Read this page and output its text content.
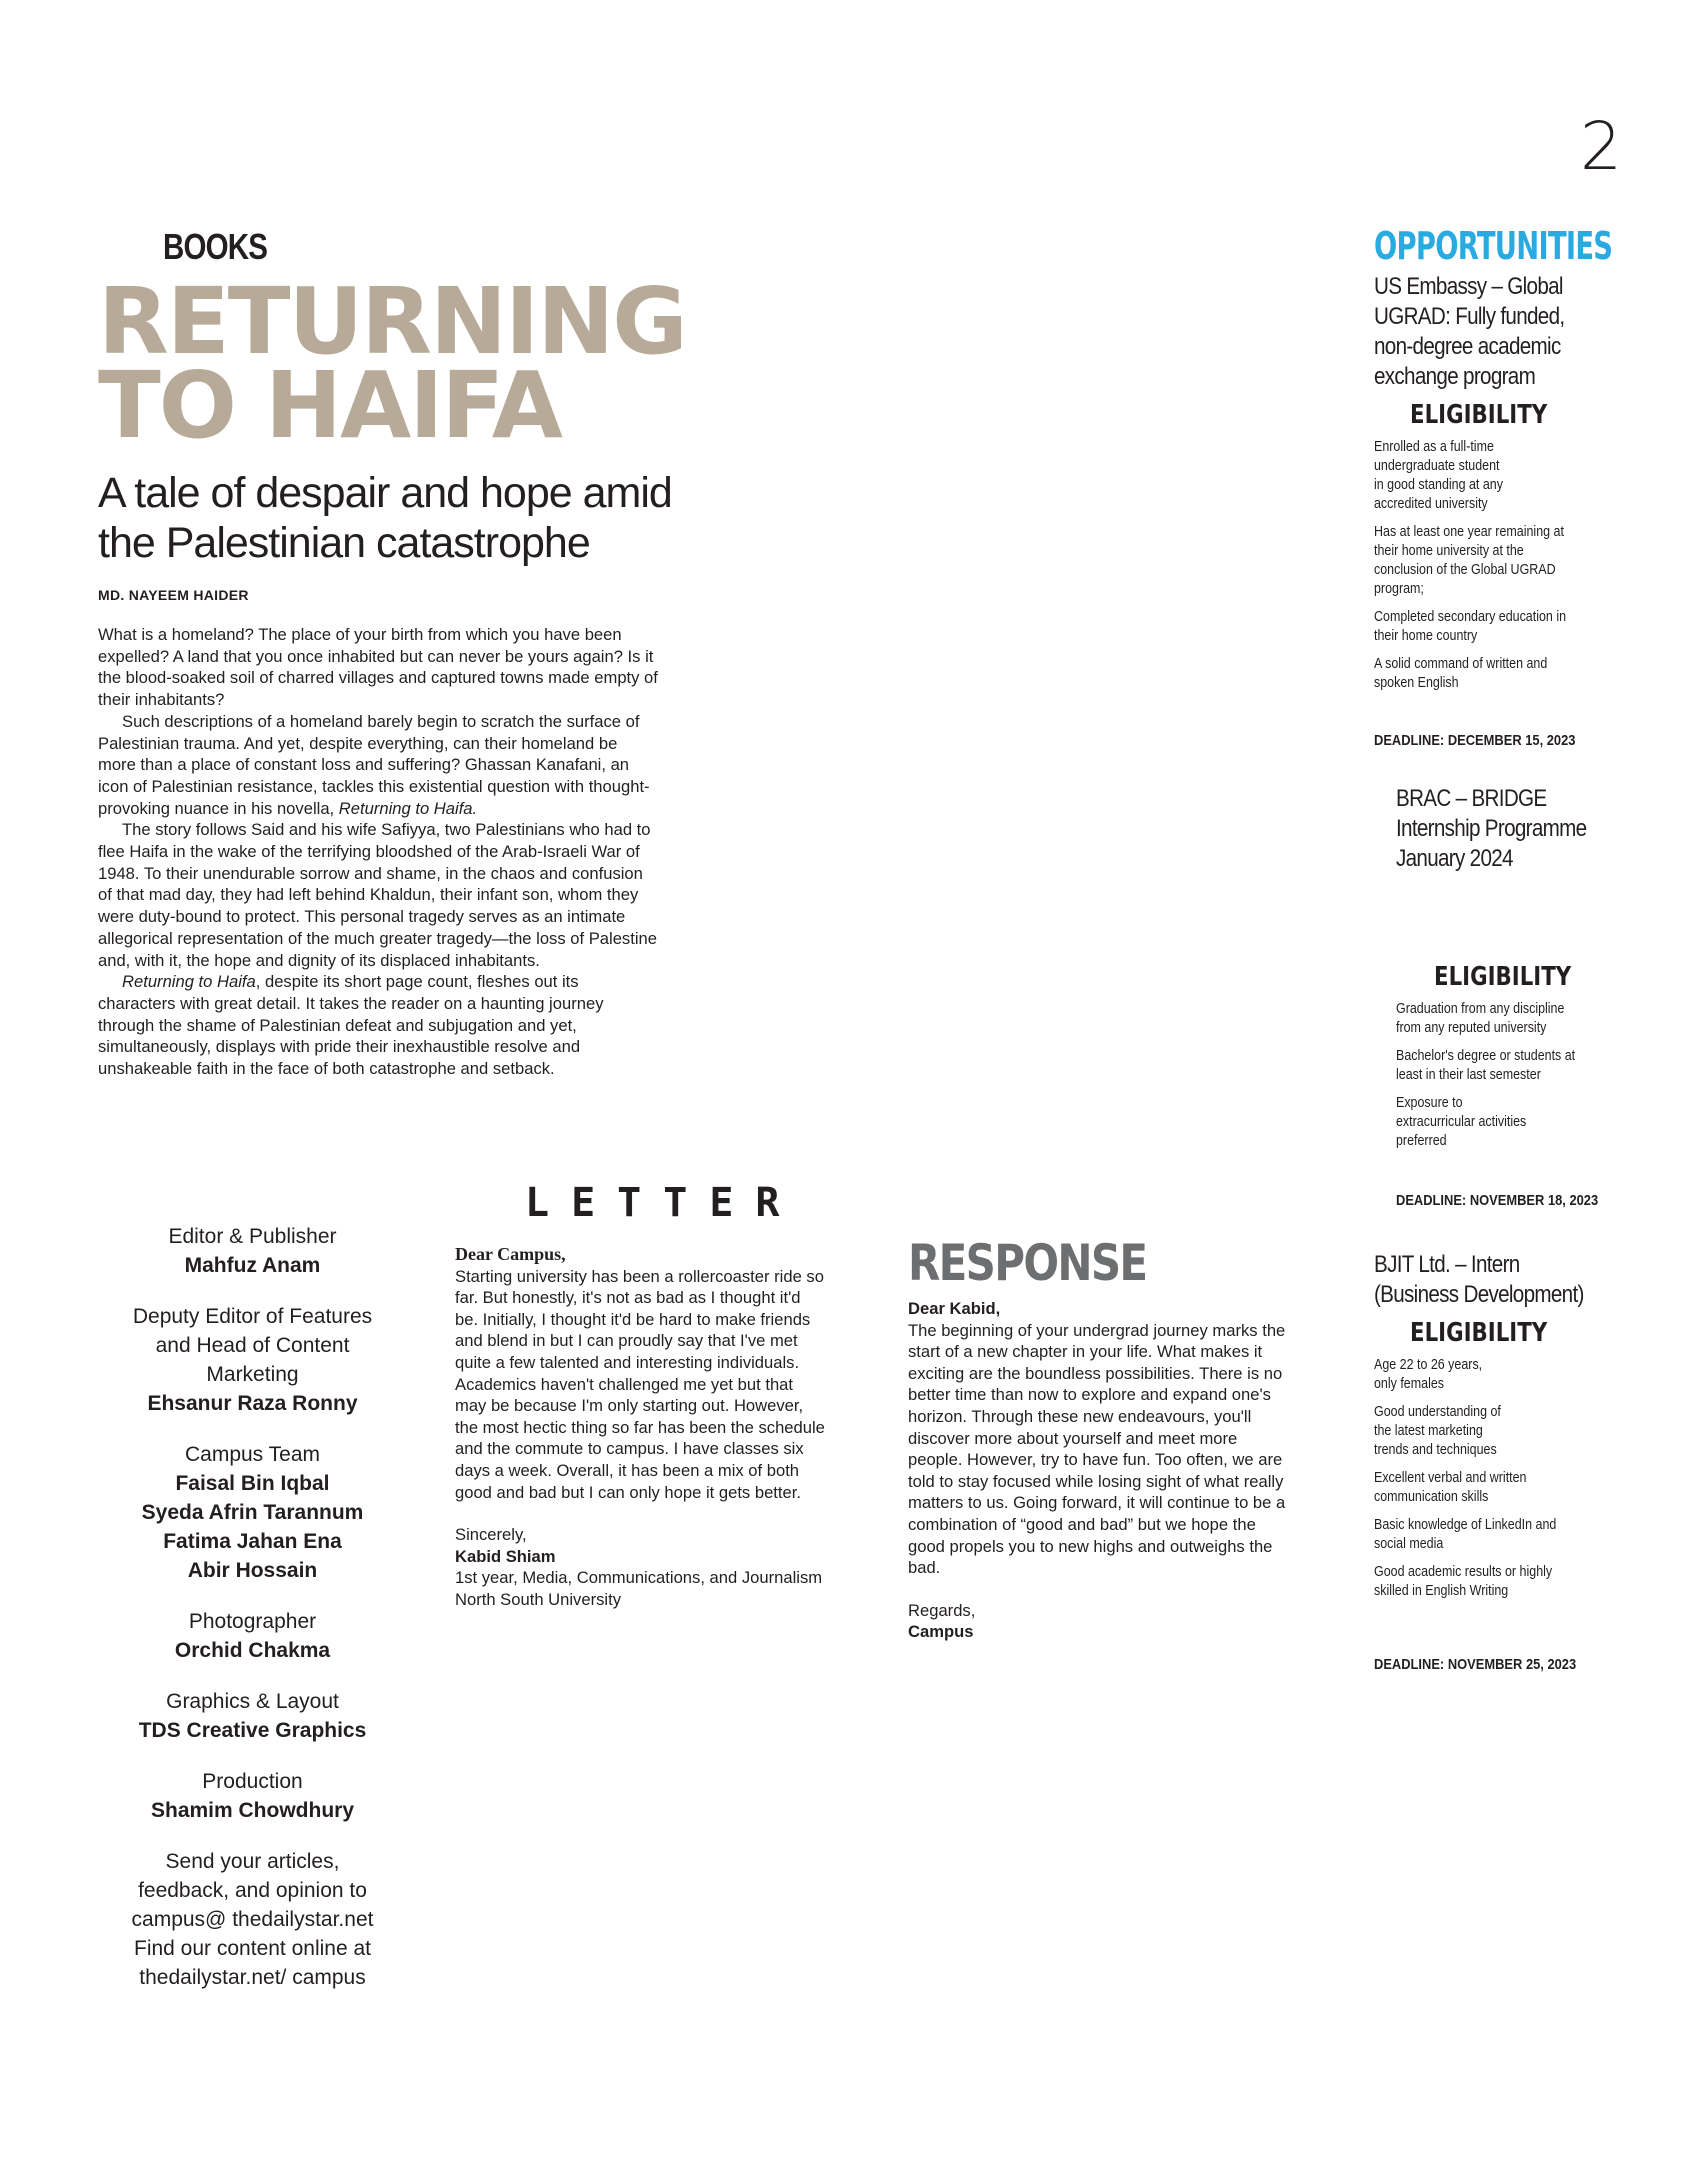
2
BOOKS
RETURNING
TO HAIFA
A tale of despair and hope amid
the Palestinian catastrophe
MD. NAYEEM HAIDER

What is a homeland? The place of your birth from which you have been expelled? A land that you once inhabited but can never be yours again? Is it the blood-soaked soil of charred villages and captured towns made empty of their inhabitants?

Such descriptions of a homeland barely begin to scratch the surface of Palestinian trauma. And yet, despite everything, can their homeland be more than a place of constant loss and suffering? Ghassan Kanafani, an icon of Palestinian resistance, tackles this existential question with thought-provoking nuance in his novella, Returning to Haifa.

The story follows Said and his wife Safiyya, two Palestinians who had to flee Haifa in the wake of the terrifying bloodshed of the Arab-Israeli War of 1948. To their unendurable sorrow and shame, in the chaos and confusion of that mad day, they had left behind Khaldun, their infant son, whom they were duty-bound to protect. This personal tragedy serves as an intimate allegorical representation of the much greater tragedy—the loss of Palestine and, with it, the hope and dignity of its displaced inhabitants.

Returning to Haifa, despite its short page count, fleshes out its characters with great detail. It takes the reader on a haunting journey through the shame of Palestinian defeat and subjugation and yet, simultaneously, displays with pride their inexhaustible resolve and unshakeable faith in the face of both catastrophe and setback.

Editor & Publisher
Mahfuz Anam
Deputy Editor of Features and Head of Content Marketing
Ehsanur Raza Ronny
Campus Team
Faisal Bin Iqbal
Syeda Afrin Tarannum
Fatima Jahan Ena
Abir Hossain
Photographer
Orchid Chakma
Graphics & Layout
TDS Creative Graphics
Production
Shamim Chowdhury
Send your articles, feedback, and opinion to campus@ thedailystar.net
Find our content online at thedailystar.net/ campus
LETTER
Dear Campus,

Starting university has been a rollercoaster ride so far. But honestly, it's not as bad as I thought it'd be. Initially, I thought it'd be hard to make friends and blend in but I can proudly say that I've met quite a few talented and interesting individuals. Academics haven't challenged me yet but that may be because I'm only starting out. However, the most hectic thing so far has been the schedule and the commute to campus. I have classes six days a week. Overall, it has been a mix of both good and bad but I can only hope it gets better.

Sincerely,

Kabid Shiam

1st year, Media, Communications, and Journalism

North South University

RESPONSE

Dear Kabid,

The beginning of your undergrad journey marks the start of a new chapter in your life. What makes it exciting are the boundless possibilities. There is no better time than now to explore and expand one's horizon. Through these new endeavours, you'll discover more about yourself and meet more people. However, try to have fun. Too often, we are told to stay focused while losing sight of what really matters to us. Going forward, it will continue to be a combination of “good and bad” but we hope the good propels you to new highs and outweighs the bad.

Regards,

Campus

OPPORTUNITIES
US Embassy – Global UGRAD: Fully funded, non-degree academic exchange program
ELIGIBILITY

Enrolled as a full-time undergraduate student in good standing at any accredited university

Has at least one year remaining at their home university at the conclusion of the Global UGRAD program;

Completed secondary education in their home country

A solid command of written and spoken English

DEADLINE: DECEMBER 15, 2023
BRAC – BRIDGE Internship Programme January 2024
ELIGIBILITY

Graduation from any discipline from any reputed university

Bachelor's degree or students at least in their last semester

Exposure to extracurricular activities preferred

DEADLINE: NOVEMBER 18, 2023
BJIT Ltd. – Intern (Business Development)
ELIGIBILITY

Age 22 to 26 years, only females

Good understanding of the latest marketing trends and techniques

Excellent verbal and written communication skills

Basic knowledge of LinkedIn and social media

Good academic results or highly skilled in English Writing

DEADLINE: NOVEMBER 25, 2023
